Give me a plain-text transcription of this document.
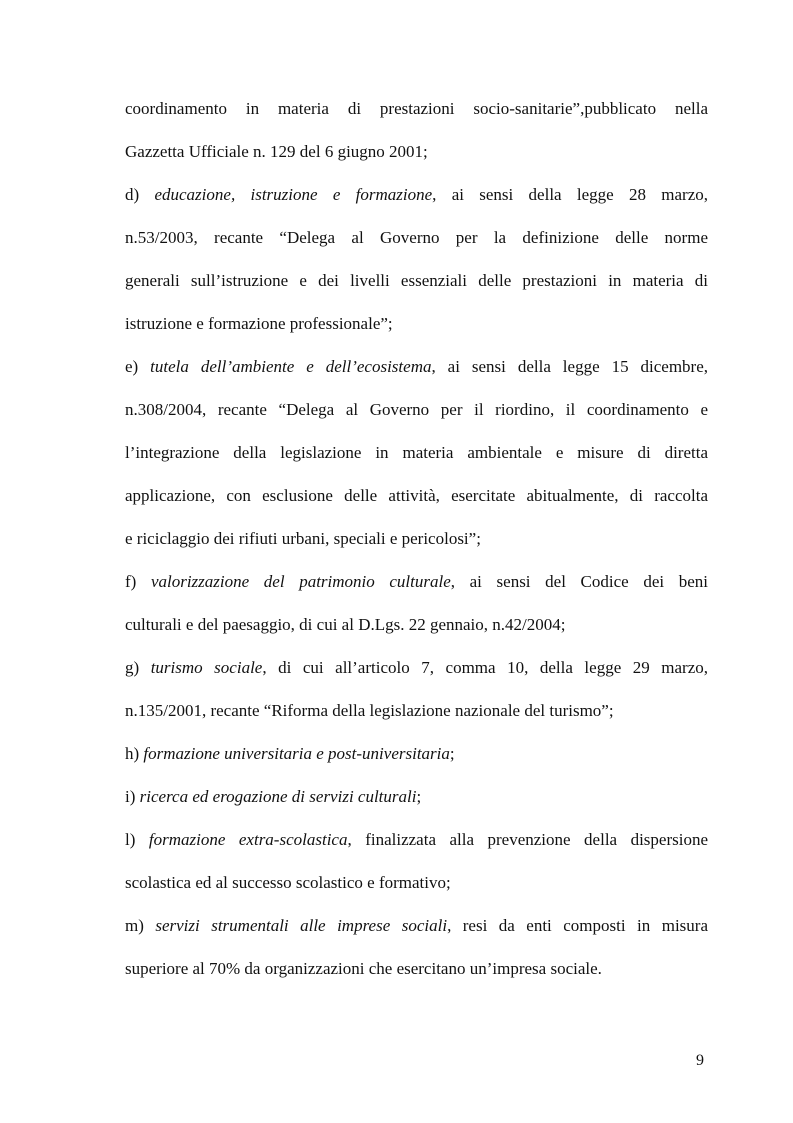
coordinamento in materia di prestazioni socio-sanitarie”,pubblicato nella
Gazzetta Ufficiale n. 129 del 6 giugno 2001;
d) educazione, istruzione e formazione, ai sensi della legge 28 marzo,
n.53/2003, recante “Delega al Governo per la definizione delle norme
generali sull’istruzione e dei livelli essenziali delle prestazioni in materia di
istruzione e formazione professionale”;
e) tutela dell’ambiente e dell’ecosistema, ai sensi della legge 15 dicembre,
n.308/2004, recante “Delega al Governo per il riordino, il coordinamento e
l’integrazione della legislazione in materia ambientale e misure di diretta
applicazione, con esclusione delle attività, esercitate abitualmente, di raccolta
e riciclaggio dei rifiuti urbani, speciali e pericolosi”;
f) valorizzazione del patrimonio culturale, ai sensi del Codice dei beni
culturali e del paesaggio, di cui al D.Lgs. 22 gennaio, n.42/2004;
g) turismo sociale, di cui all’articolo 7, comma 10, della legge 29 marzo,
n.135/2001, recante “Riforma della legislazione nazionale del turismo”;
h) formazione universitaria e post-universitaria;
i) ricerca ed erogazione di servizi culturali;
l) formazione extra-scolastica, finalizzata alla prevenzione della dispersione
scolastica ed al successo scolastico e formativo;
m) servizi strumentali alle imprese sociali, resi da enti composti in misura
superiore al 70% da organizzazioni che esercitano un’impresa sociale.
9
